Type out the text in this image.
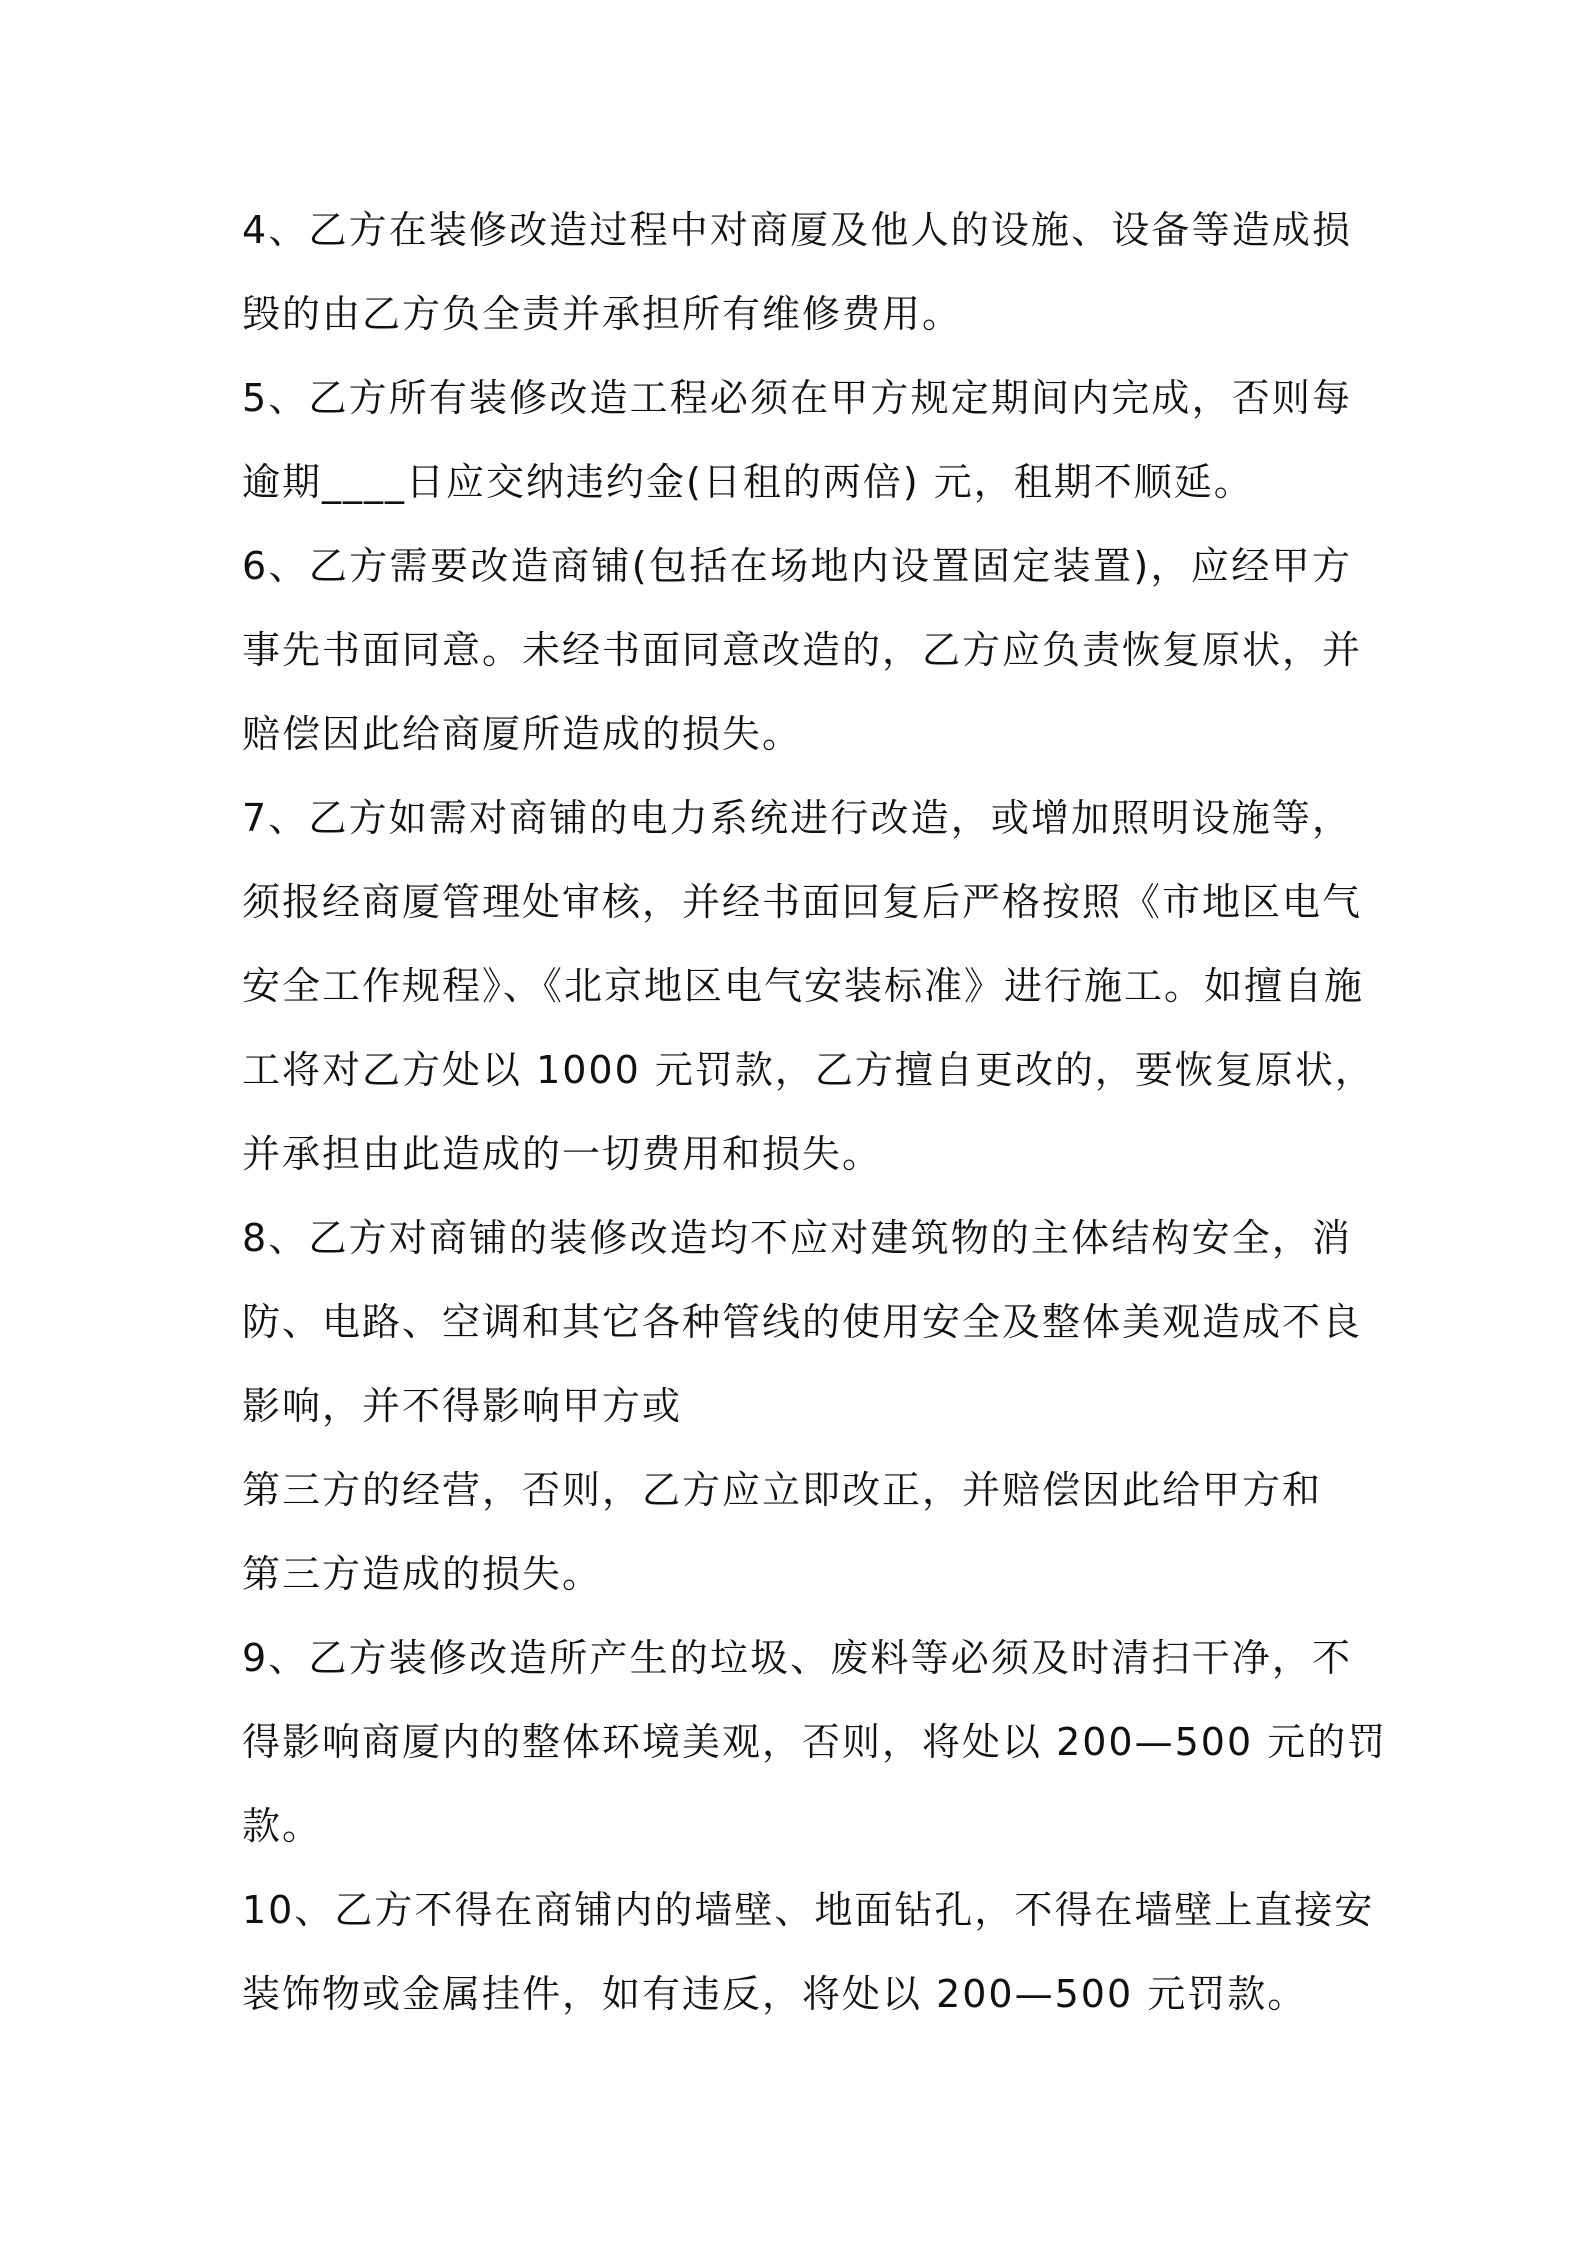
4、乙方在装修改造过程中对商厦及他人的设施、设备等造成损
毁的由乙方负全责并承担所有维修费用。
5、乙方所有装修改造工程必须在甲方规定期间内完成，否则每
逾期____日应交纳违约金(日租的两倍) 元，租期不顺延。
6、乙方需要改造商铺(包括在场地内设置固定装置)，应经甲方
事先书面同意。未经书面同意改造的，乙方应负责恢复原状，并
赔偿因此给商厦所造成的损失。
7、乙方如需对商铺的电力系统进行改造，或增加照明设施等，
须报经商厦管理处审核，并经书面回复后严格按照《市地区电气
安全工作规程》、《北京地区电气安装标准》进行施工。如擅自施
工将对乙方处以 1000 元罚款，乙方擅自更改的，要恢复原状，
并承担由此造成的一切费用和损失。
8、乙方对商铺的装修改造均不应对建筑物的主体结构安全，消
防、电路、空调和其它各种管线的使用安全及整体美观造成不良
影响，并不得影响甲方或
第三方的经营，否则，乙方应立即改正，并赔偿因此给甲方和
第三方造成的损失。
9、乙方装修改造所产生的垃圾、废料等必须及时清扫干净，不
得影响商厦内的整体环境美观，否则，将处以 200—500 元的罚
款。
10、乙方不得在商铺内的墙壁、地面钻孔，不得在墙壁上直接安
装饰物或金属挂件，如有违反，将处以 200—500 元罚款。
